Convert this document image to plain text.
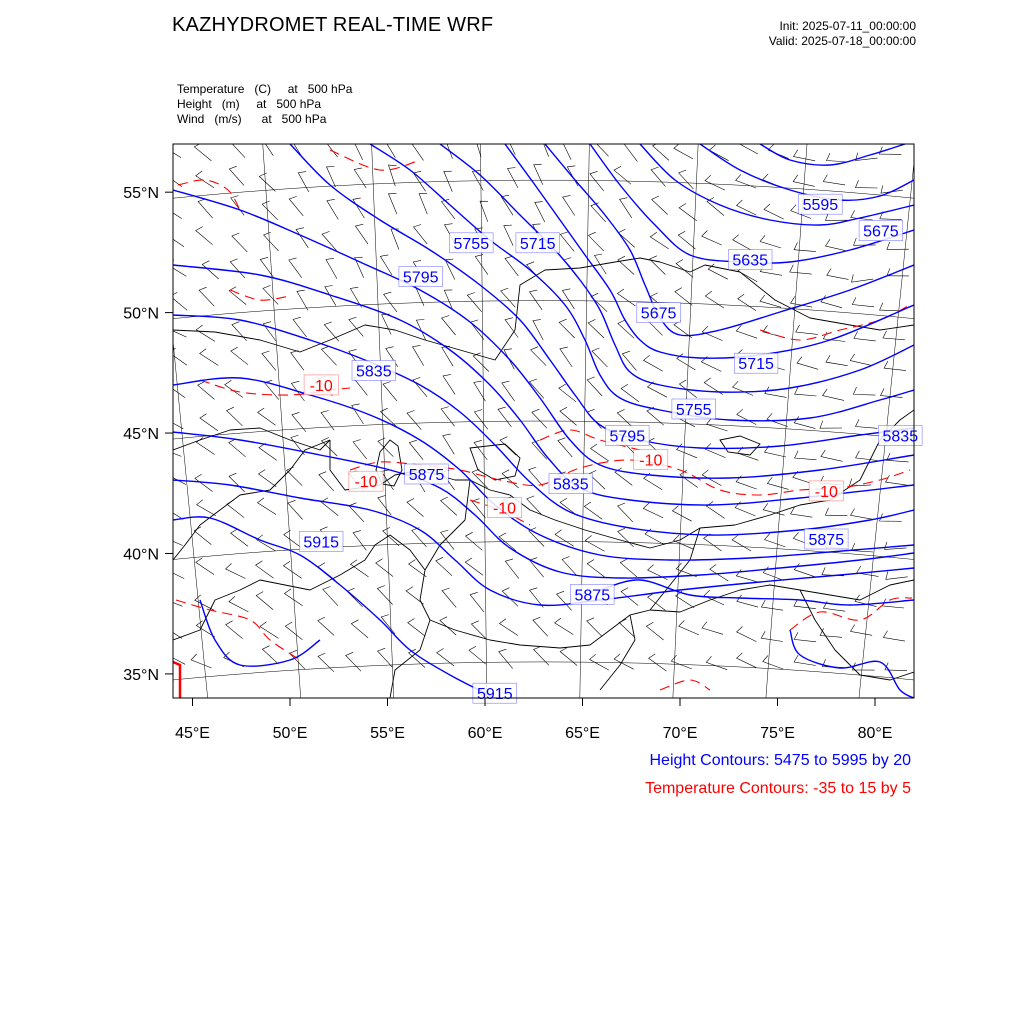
KAZHYDROMET REAL-TIME WRF	Init: 2025-07-11_00:00:00
Valid: 2025-07-18_00:00:00
Temperature   (C)     at   500 hPa
Height   (m)     at   500 hPa
Wind   (m/s)      at   500 hPa
5595
5675
5635
5755 5715
5795
5675
5715
5835
5755
5795	5835
5875
5835
5915	5875
5875
5915
-10
-10
-10
-10
-10
55°N
50°N
45°N
40°N
35°N
45°E	50°E	55°E	60°E	65°E	70°E	75°E	80°E
Height Contours: 5475 to 5995 by 20
Temperature Contours: -35 to 15 by 5
